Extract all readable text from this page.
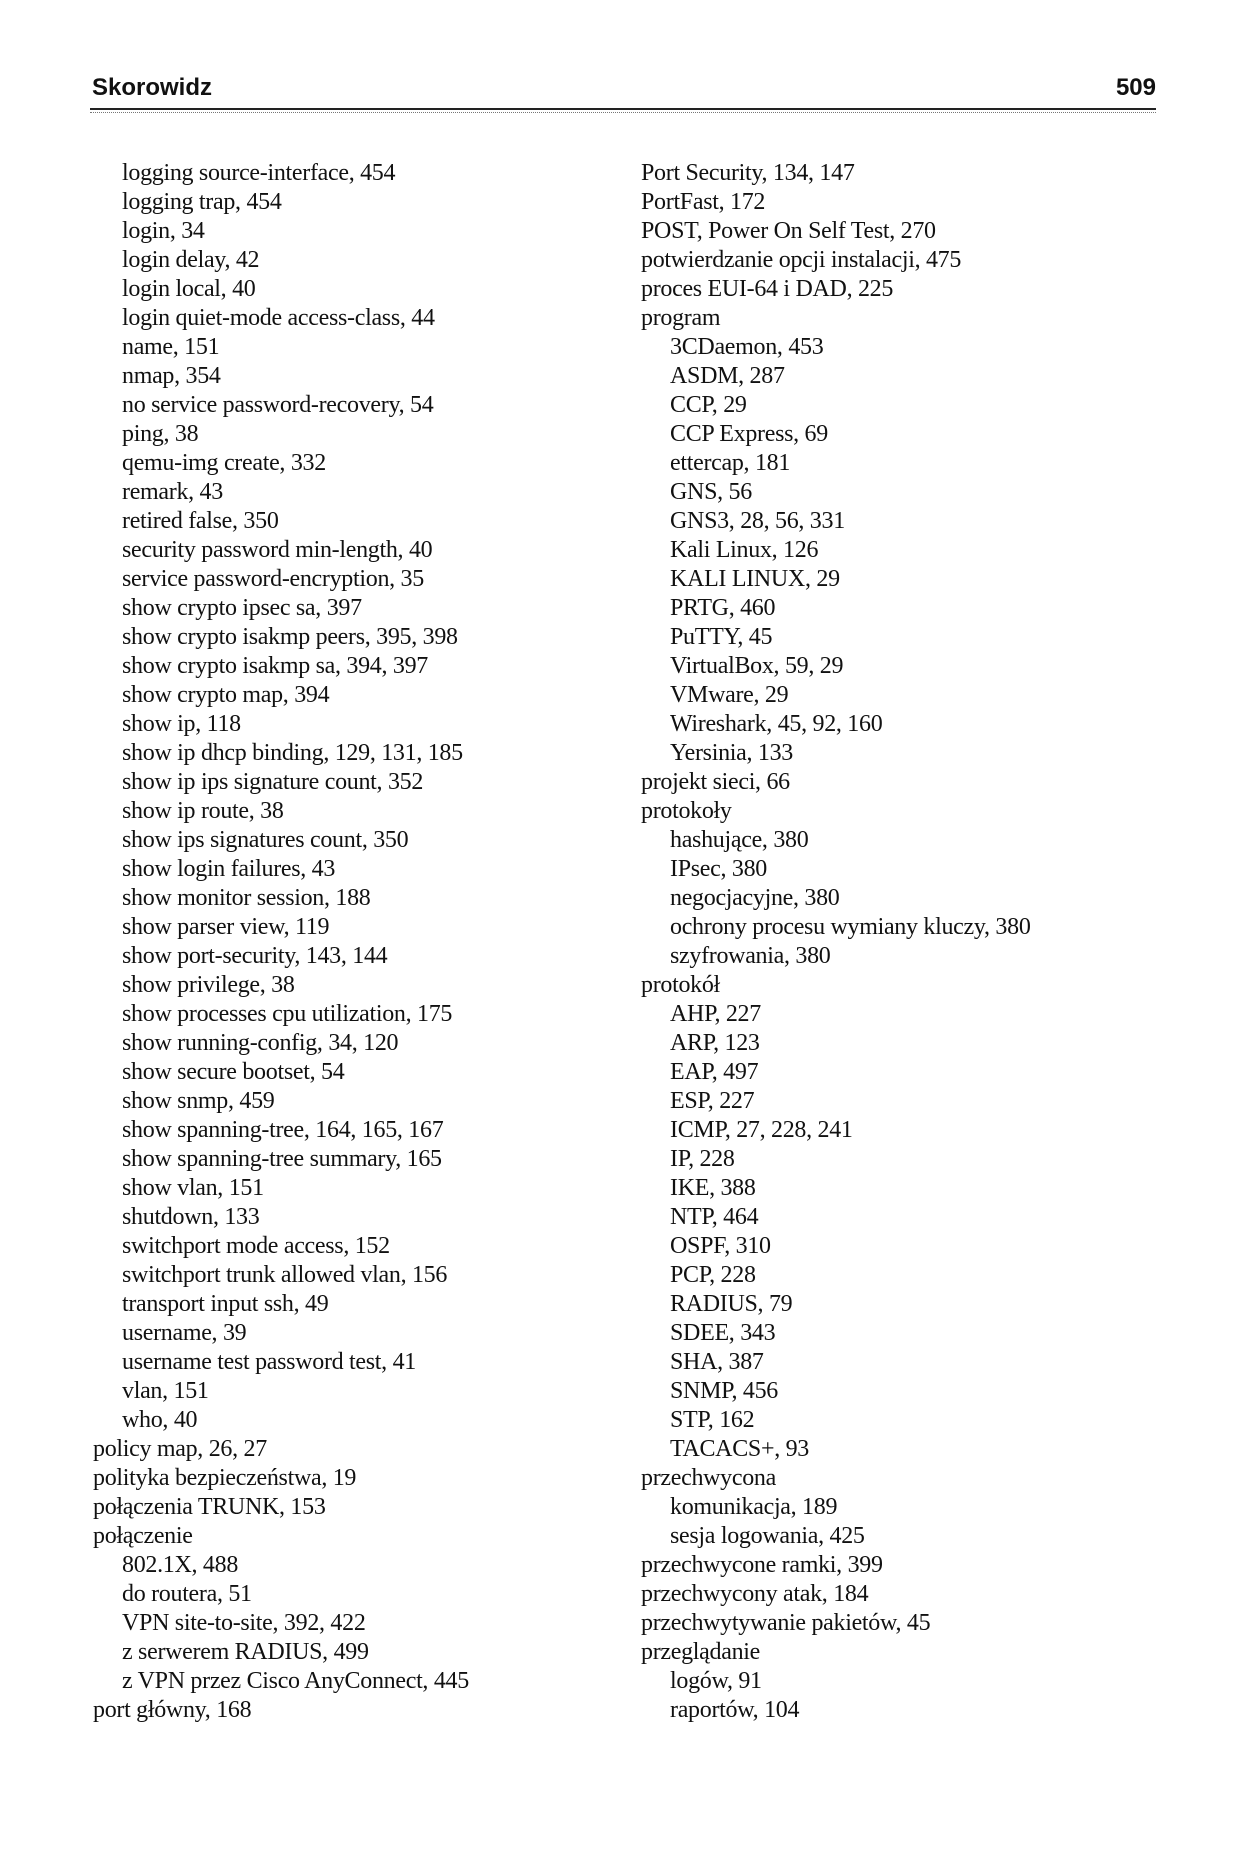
Skorowidz	509
logging source-interface, 454
logging trap, 454
login, 34
login delay, 42
login local, 40
login quiet-mode access-class, 44
name, 151
nmap, 354
no service password-recovery, 54
ping, 38
qemu-img create, 332
remark, 43
retired false, 350
security password min-length, 40
service password-encryption, 35
show crypto ipsec sa, 397
show crypto isakmp peers, 395, 398
show crypto isakmp sa, 394, 397
show crypto map, 394
show ip, 118
show ip dhcp binding, 129, 131, 185
show ip ips signature count, 352
show ip route, 38
show ips signatures count, 350
show login failures, 43
show monitor session, 188
show parser view, 119
show port-security, 143, 144
show privilege, 38
show processes cpu utilization, 175
show running-config, 34, 120
show secure bootset, 54
show snmp, 459
show spanning-tree, 164, 165, 167
show spanning-tree summary, 165
show vlan, 151
shutdown, 133
switchport mode access, 152
switchport trunk allowed vlan, 156
transport input ssh, 49
username, 39
username test password test, 41
vlan, 151
who, 40
policy map, 26, 27
polityka bezpieczeństwa, 19
połączenia TRUNK, 153
połączenie
802.1X, 488
do routera, 51
VPN site-to-site, 392, 422
z serwerem RADIUS, 499
z VPN przez Cisco AnyConnect, 445
port główny, 168
Port Security, 134, 147
PortFast, 172
POST, Power On Self Test, 270
potwierdzanie opcji instalacji, 475
proces EUI-64 i DAD, 225
program
3CDaemon, 453
ASDM, 287
CCP, 29
CCP Express, 69
ettercap, 181
GNS, 56
GNS3, 28, 56, 331
Kali Linux, 126
KALI LINUX, 29
PRTG, 460
PuTTY, 45
VirtualBox, 59, 29
VMware, 29
Wireshark, 45, 92, 160
Yersinia, 133
projekt sieci, 66
protokoły
hashujące, 380
IPsec, 380
negocjacyjne, 380
ochrony procesu wymiany kluczy, 380
szyfrowania, 380
protokół
AHP, 227
ARP, 123
EAP, 497
ESP, 227
ICMP, 27, 228, 241
IP, 228
IKE, 388
NTP, 464
OSPF, 310
PCP, 228
RADIUS, 79
SDEE, 343
SHA, 387
SNMP, 456
STP, 162
TACACS+, 93
przechwycona
komunikacja, 189
sesja logowania, 425
przechwycone ramki, 399
przechwycony atak, 184
przechwytywanie pakietów, 45
przeglądanie
logów, 91
raportów, 104
